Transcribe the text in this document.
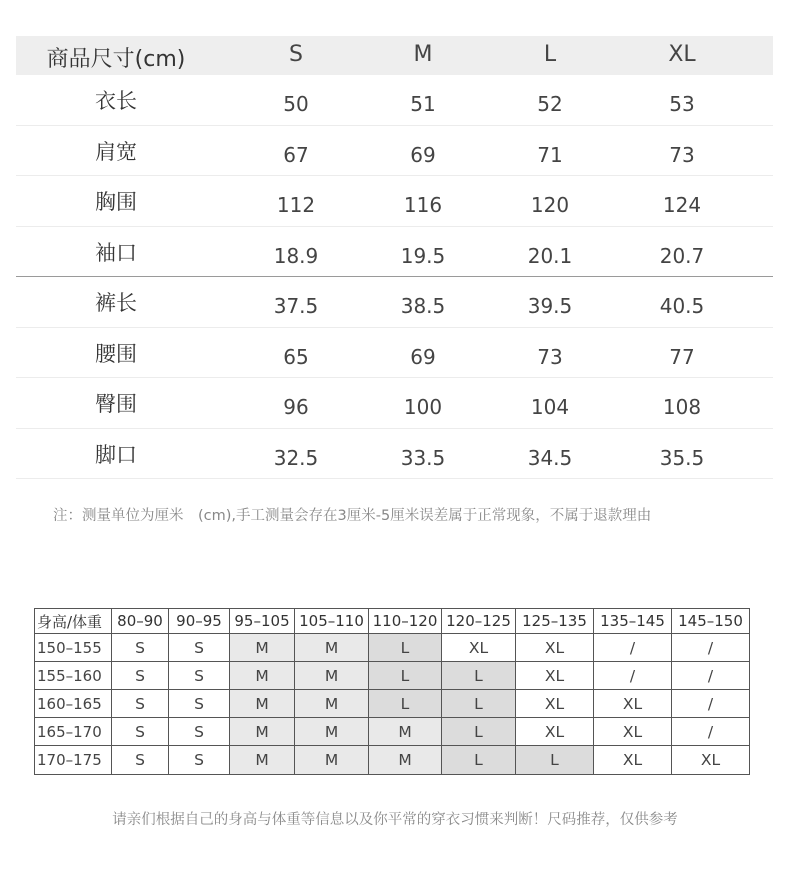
商品尺寸(cm)	S	M	L	XL
衣长	50	51	52	53
肩宽	67	69	71	73
胸围	112	116	120	124
袖口	18.9	19.5	20.1	20.7
裤长	37.5	38.5	39.5	40.5
腰围	65	69	73	77
臀围	96	100	104	108
脚口	32.5	33.5	34.5	35.5
注：测量单位为厘米　(cm),手工测量会存在3厘米-5厘米误差属于正常现象，不属于退款理由
身高/体重	80–90	90–95	95–105	105–110	110–120	120–125	125–135	135–145	145–150
150–155	S	S	M	M	L	XL	XL	/	/
155–160	S	S	M	M	L	L	XL	/	/
160–165	S	S	M	M	L	L	XL	XL	/
165–170	S	S	M	M	M	L	XL	XL	/
170–175	S	S	M	M	M	L	L	XL	XL
请亲们根据自己的身高与体重等信息以及你平常的穿衣习惯来判断！尺码推荐，仅供参考
